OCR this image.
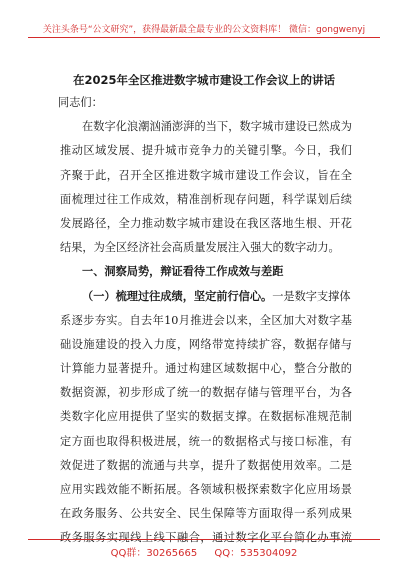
关注头条号“公文研究”，获得最新最全最专业的公文资料库！ 微信：gongwenyj
在2025年全区推进数字城市建设工作会议上的讲话
同志们：
在数字化浪潮汹涌澎湃的当下，数字城市建设已然成为
推动区域发展、提升城市竞争力的关键引擎。今日，我们
齐聚于此，召开全区推进数字城市建设工作会议，旨在全
面梳理过往工作成效，精准剖析现存问题，科学谋划后续
发展路径，全力推动数字城市建设在我区落地生根、开花
结果，为全区经济社会高质量发展注入强大的数字动力。
一、洞察局势，辩证看待工作成效与差距
（一）梳理过往成绩，坚定前行信心。一是数字支撑体
系逐步夯实。自去年10月推进会以来，全区加大对数字基
础设施建设的投入力度，网络带宽持续扩容，数据存储与
计算能力显著提升。通过构建区域数据中心，整合分散的
数据资源，初步形成了统一的数据存储与管理平台，为各
类数字化应用提供了坚实的数据支撑。在数据标准规范制
定方面也取得积极进展，统一的数据格式与接口标准，有
效促进了数据的流通与共享，提升了数据使用效率。二是
应用实践效能不断拓展。各领域积极探索数字化应用场景
在政务服务、公共安全、民生保障等方面取得一系列成果
政务服务实现线上线下融合，通过数字化平台简化办事流
QQ群：30265665 QQ：535304092
